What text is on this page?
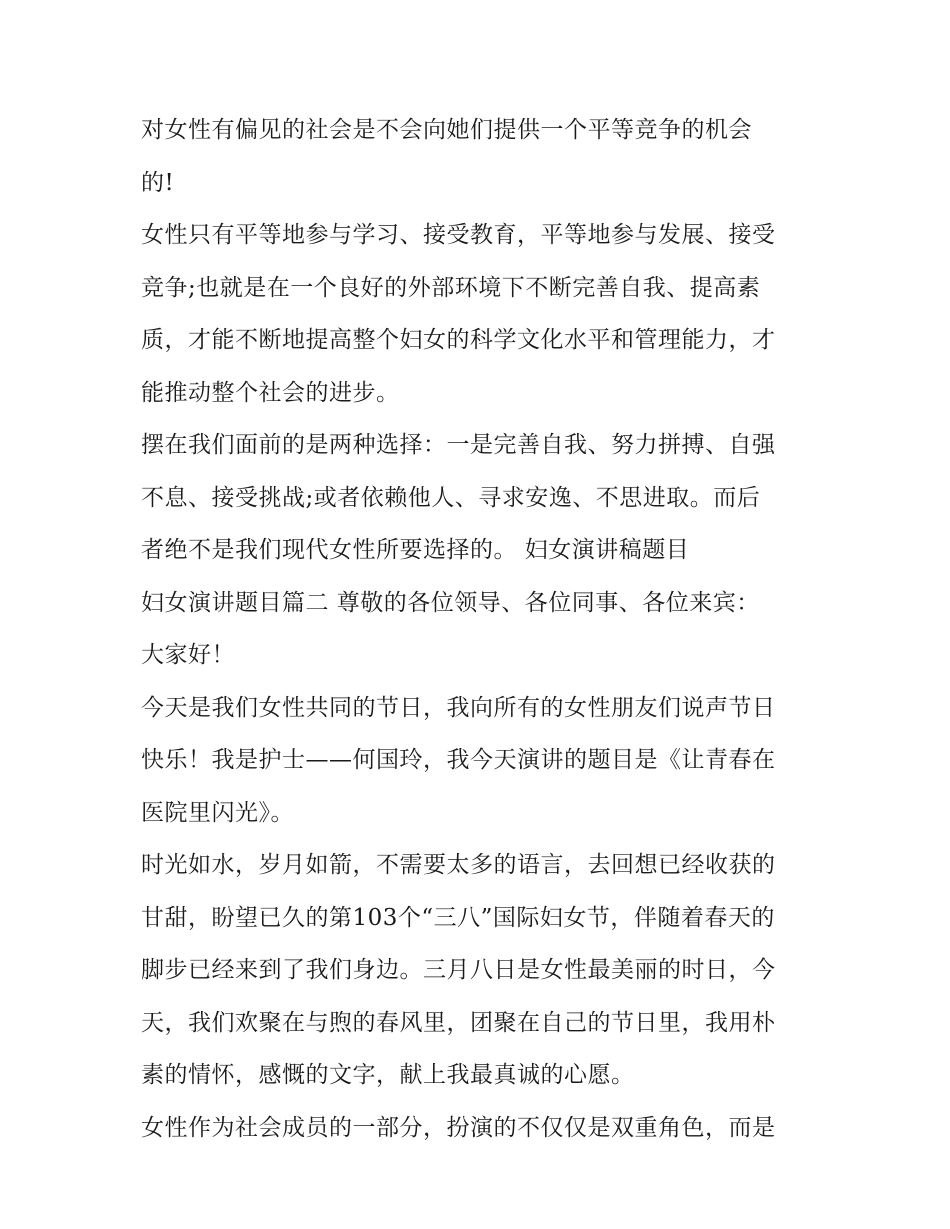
对女性有偏见的社会是不会向她们提供一个平等竞争的机会
的!
女性只有平等地参与学习、接受教育，平等地参与发展、接受
竞争;也就是在一个良好的外部环境下不断完善自我、提高素
质，才能不断地提高整个妇女的科学文化水平和管理能力，才
能推动整个社会的进步。
摆在我们面前的是两种选择：一是完善自我、努力拼搏、自强
不息、接受挑战;或者依赖他人、寻求安逸、不思进取。而后
者绝不是我们现代女性所要选择的。 妇女演讲稿题目
妇女演讲题目篇二 尊敬的各位领导、各位同事、各位来宾：
大家好！
今天是我们女性共同的节日，我向所有的女性朋友们说声节日
快乐！我是护士——何国玲，我今天演讲的题目是《让青春在
医院里闪光》。
时光如水，岁月如箭，不需要太多的语言，去回想已经收获的
甘甜，盼望已久的第103个“三八”国际妇女节，伴随着春天的
脚步已经来到了我们身边。三月八日是女性最美丽的时日，今
天，我们欢聚在与煦的春风里，团聚在自己的节日里，我用朴
素的情怀，感慨的文字，献上我最真诚的心愿。
女性作为社会成员的一部分，扮演的不仅仅是双重角色，而是
